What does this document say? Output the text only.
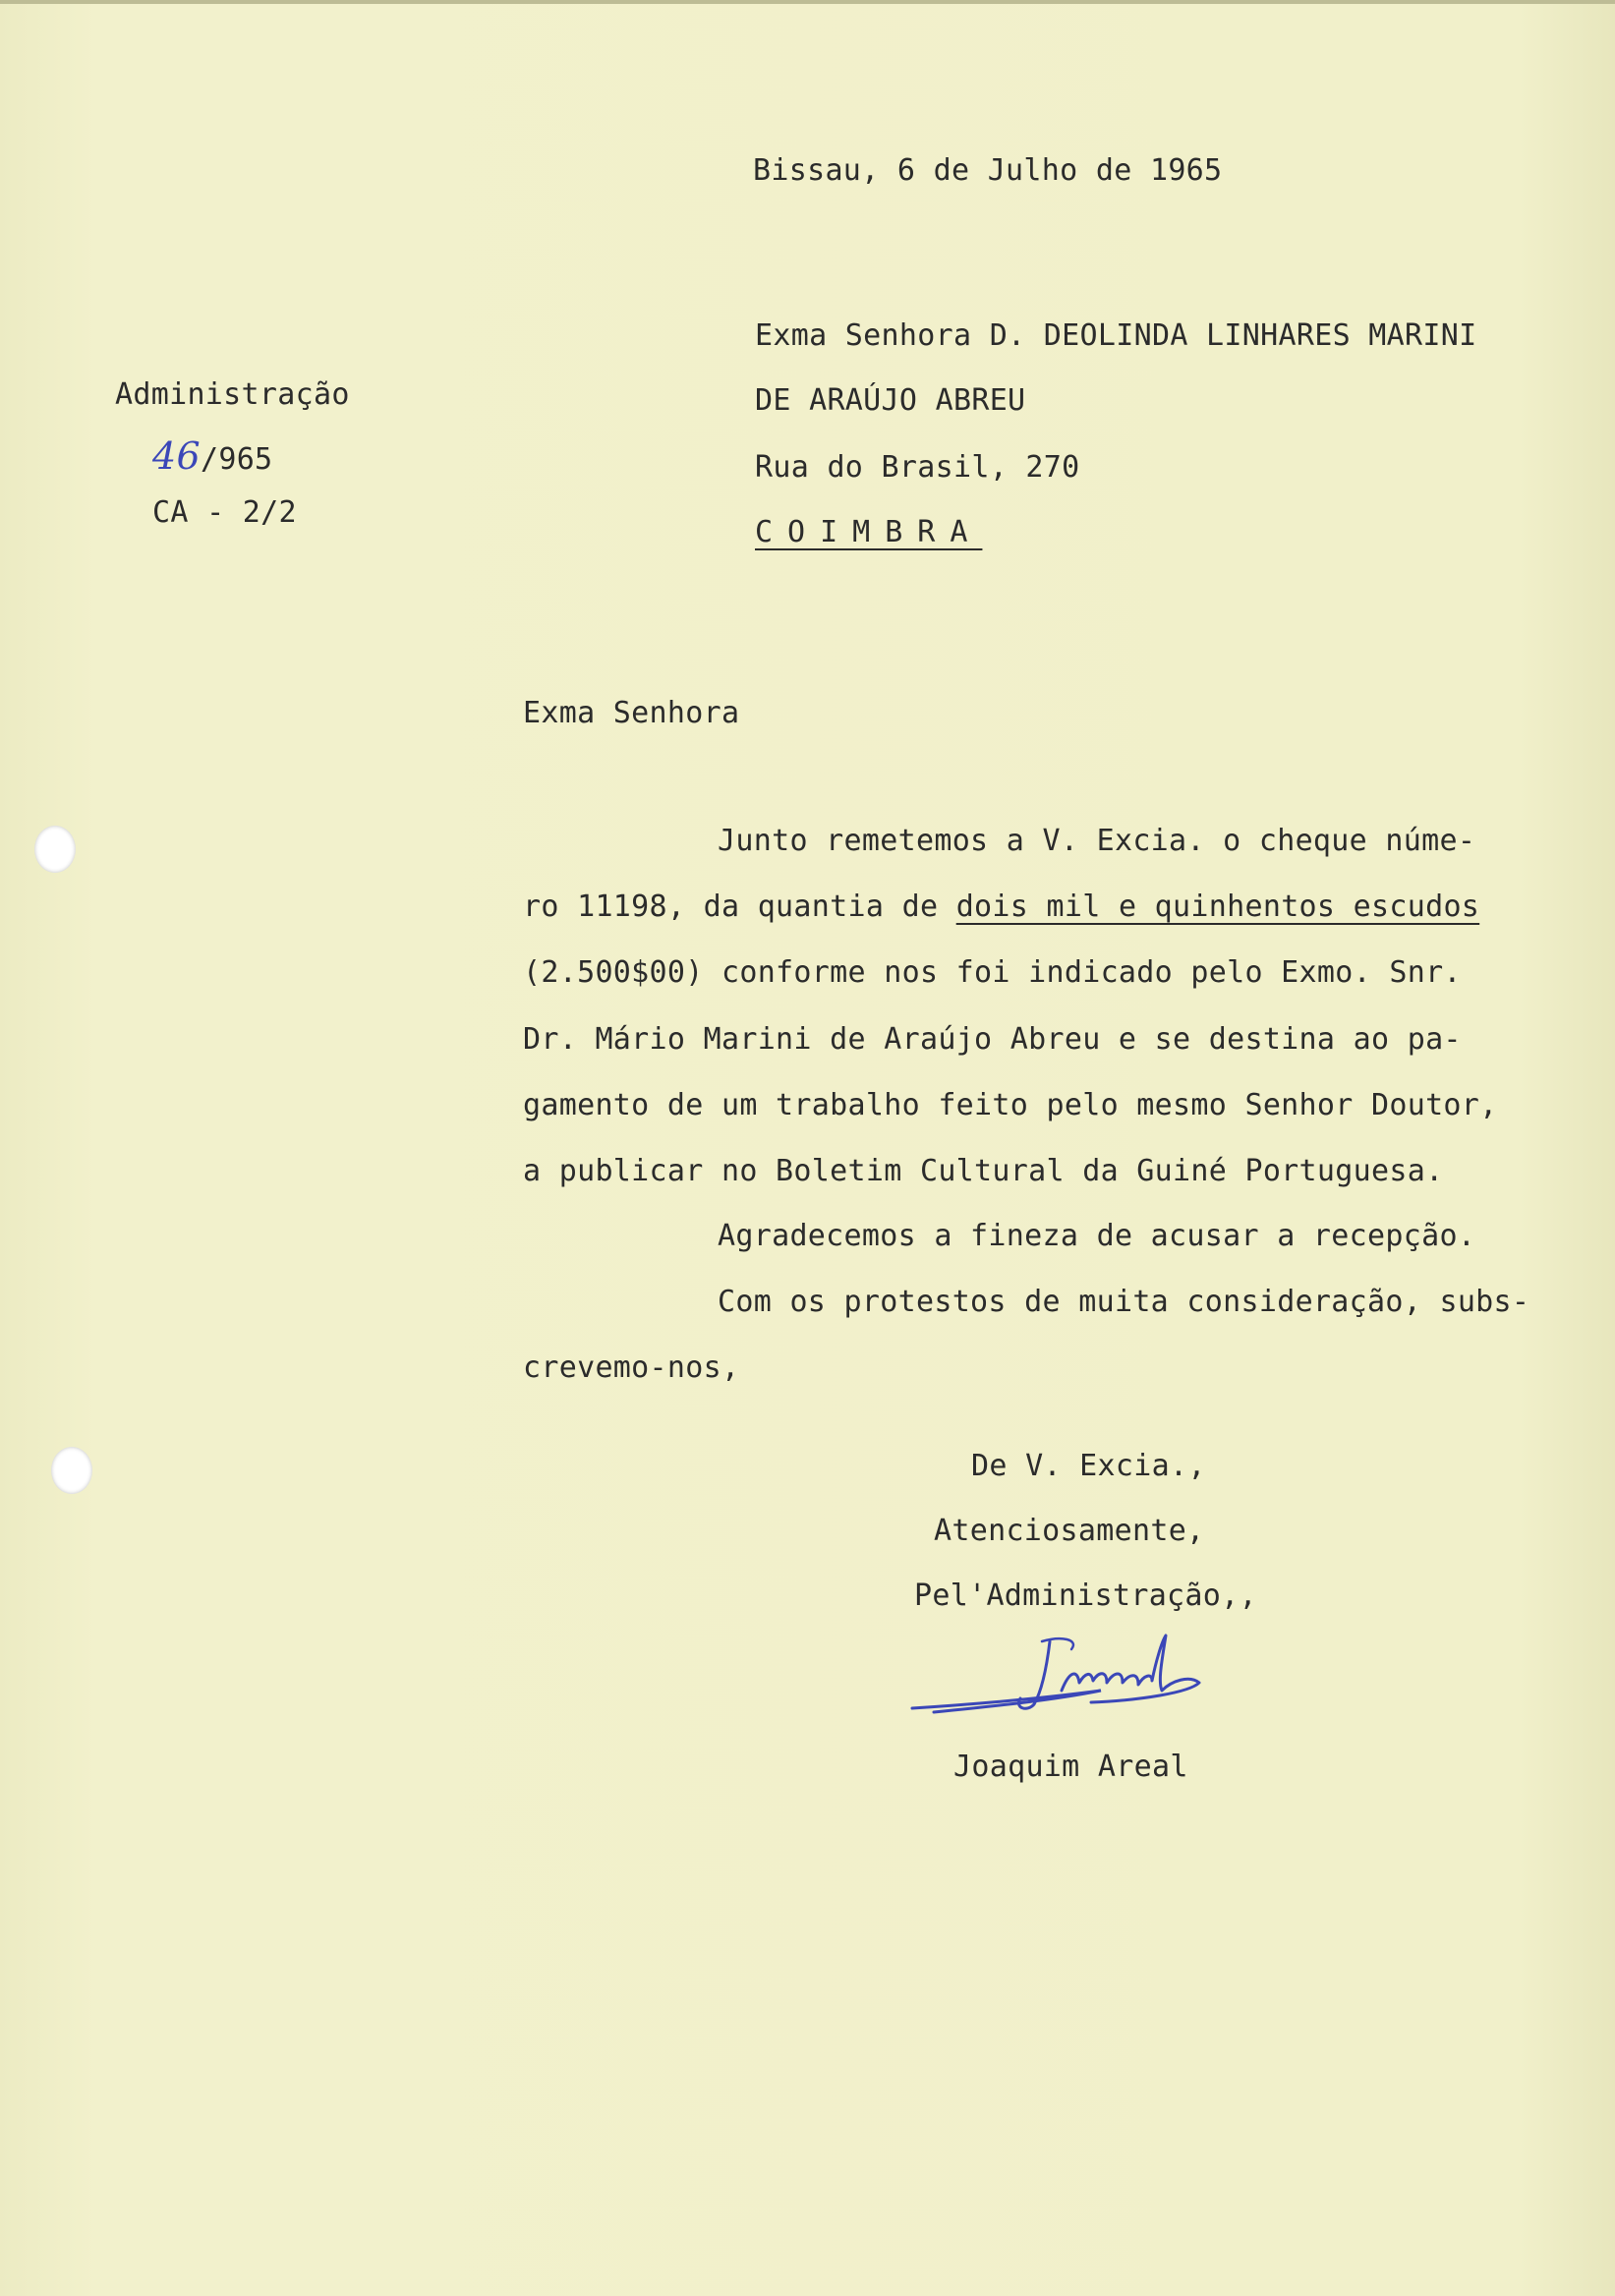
Bissau, 6 de Julho de 1965
Administração
46/965
CA - 2/2
Exma Senhora D. DEOLINDA LINHARES MARINI
DE ARAÚJO ABREU
Rua do Brasil, 270
COIMBRA
Exma Senhora
Junto remetemos a V. Excia. o cheque núme-
ro 11198, da quantia de dois mil e quinhentos escudos
(2.500$00) conforme nos foi indicado pelo Exmo. Snr.
Dr. Mário Marini de Araújo Abreu e se destina ao pa-
gamento de um trabalho feito pelo mesmo Senhor Doutor,
a publicar no Boletim Cultural da Guiné Portuguesa.
Agradecemos a fineza de acusar a recepção.
Com os protestos de muita consideração, subs-
crevemo-nos,
De V. Excia.,
Atenciosamente,
Pel'Administração,,
Joaquim Areal
